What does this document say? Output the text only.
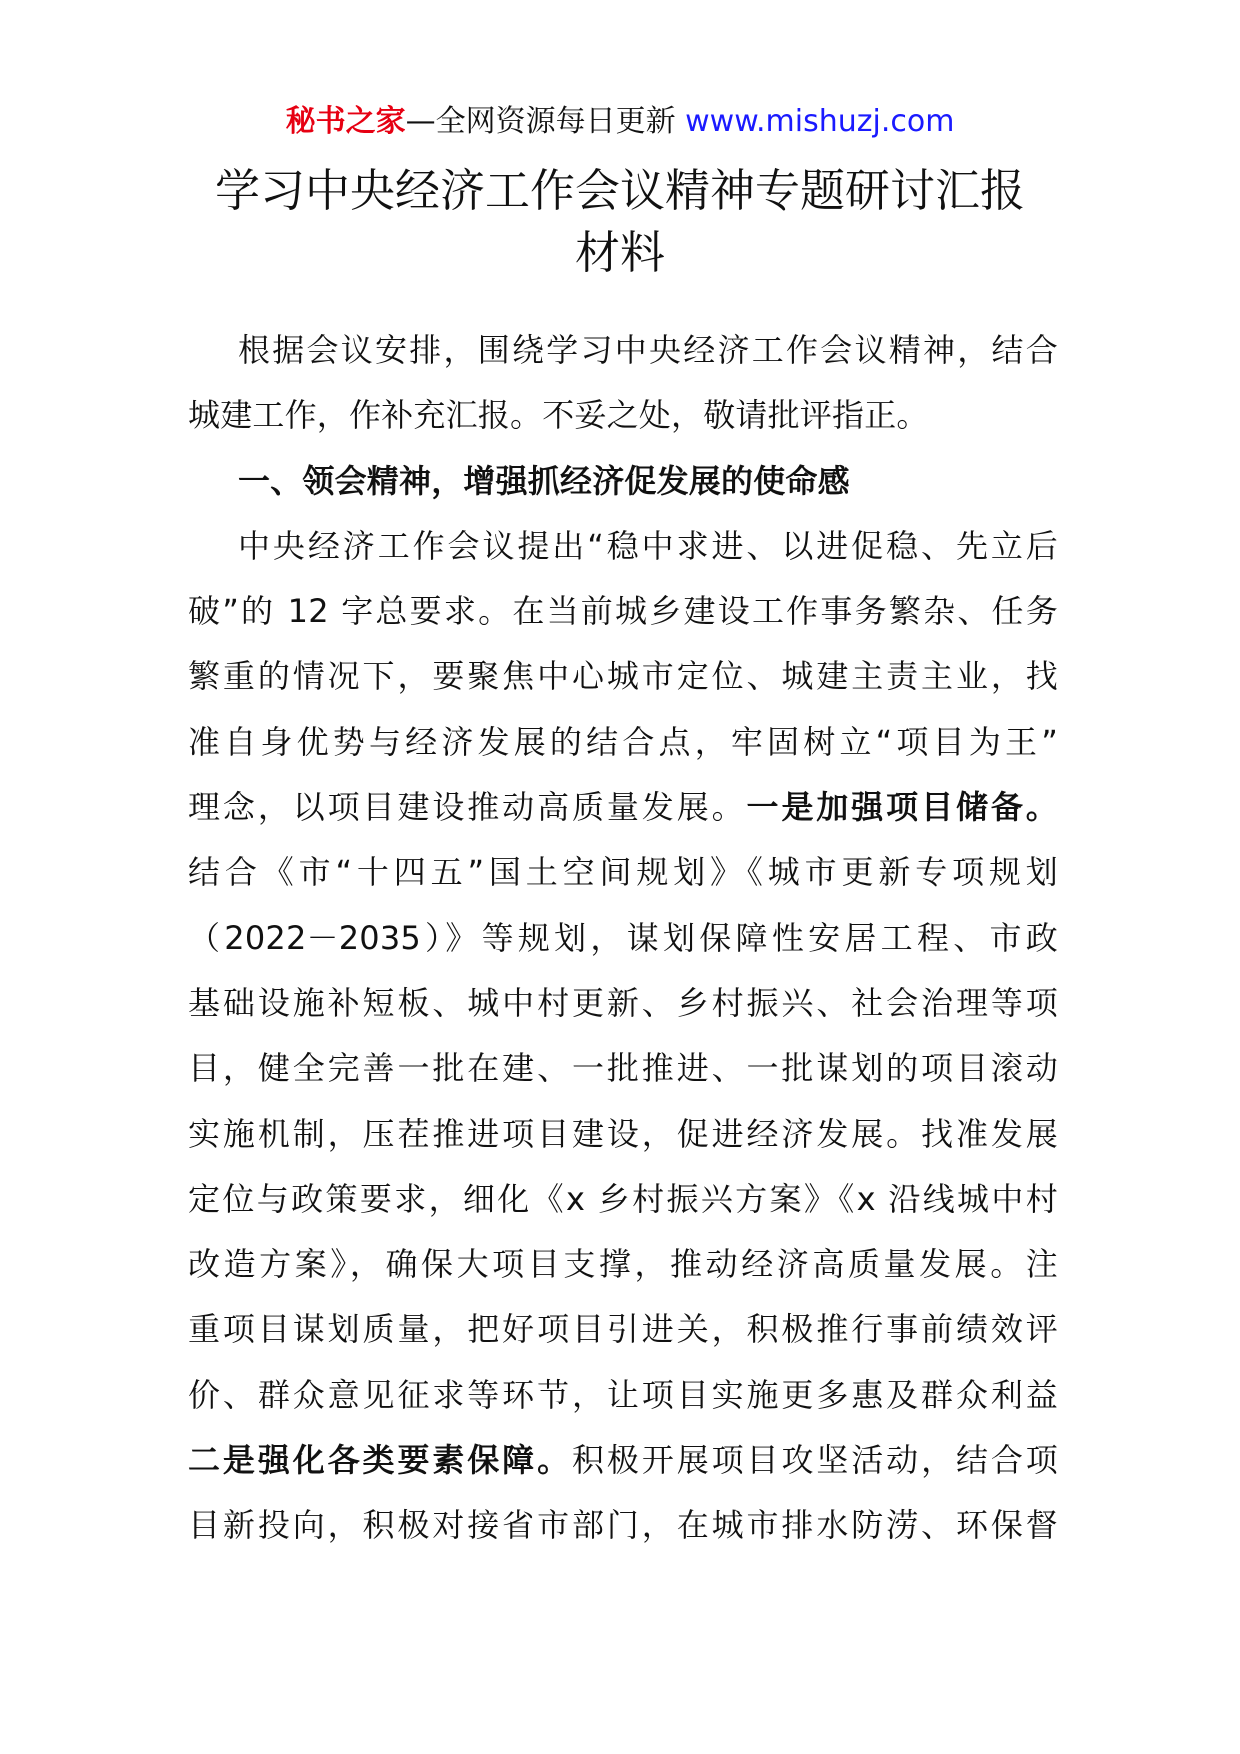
秘书之家—全网资源每日更新 www.mishuzj.com
学习中央经济工作会议精神专题研讨汇报
材料
根据会议安排，围绕学习中央经济工作会议精神，结合
城建工作，作补充汇报。不妥之处，敬请批评指正。
一、领会精神，增强抓经济促发展的使命感
中央经济工作会议提出“稳中求进、以进促稳、先立后
破”的 12 字总要求。在当前城乡建设工作事务繁杂、任务
繁重的情况下，要聚焦中心城市定位、城建主责主业，找
准自身优势与经济发展的结合点，牢固树立“项目为王”
理念，以项目建设推动高质量发展。一是加强项目储备。
结合《市“十四五”国土空间规划》《城市更新专项规划
（2022－2035）》等规划，谋划保障性安居工程、市政
基础设施补短板、城中村更新、乡村振兴、社会治理等项
目，健全完善一批在建、一批推进、一批谋划的项目滚动
实施机制，压茬推进项目建设，促进经济发展。找准发展
定位与政策要求，细化《x 乡村振兴方案》《x 沿线城中村
改造方案》，确保大项目支撑，推动经济高质量发展。注
重项目谋划质量，把好项目引进关，积极推行事前绩效评
价、群众意见征求等环节，让项目实施更多惠及群众利益
二是强化各类要素保障。积极开展项目攻坚活动，结合项
目新投向，积极对接省市部门，在城市排水防涝、环保督
